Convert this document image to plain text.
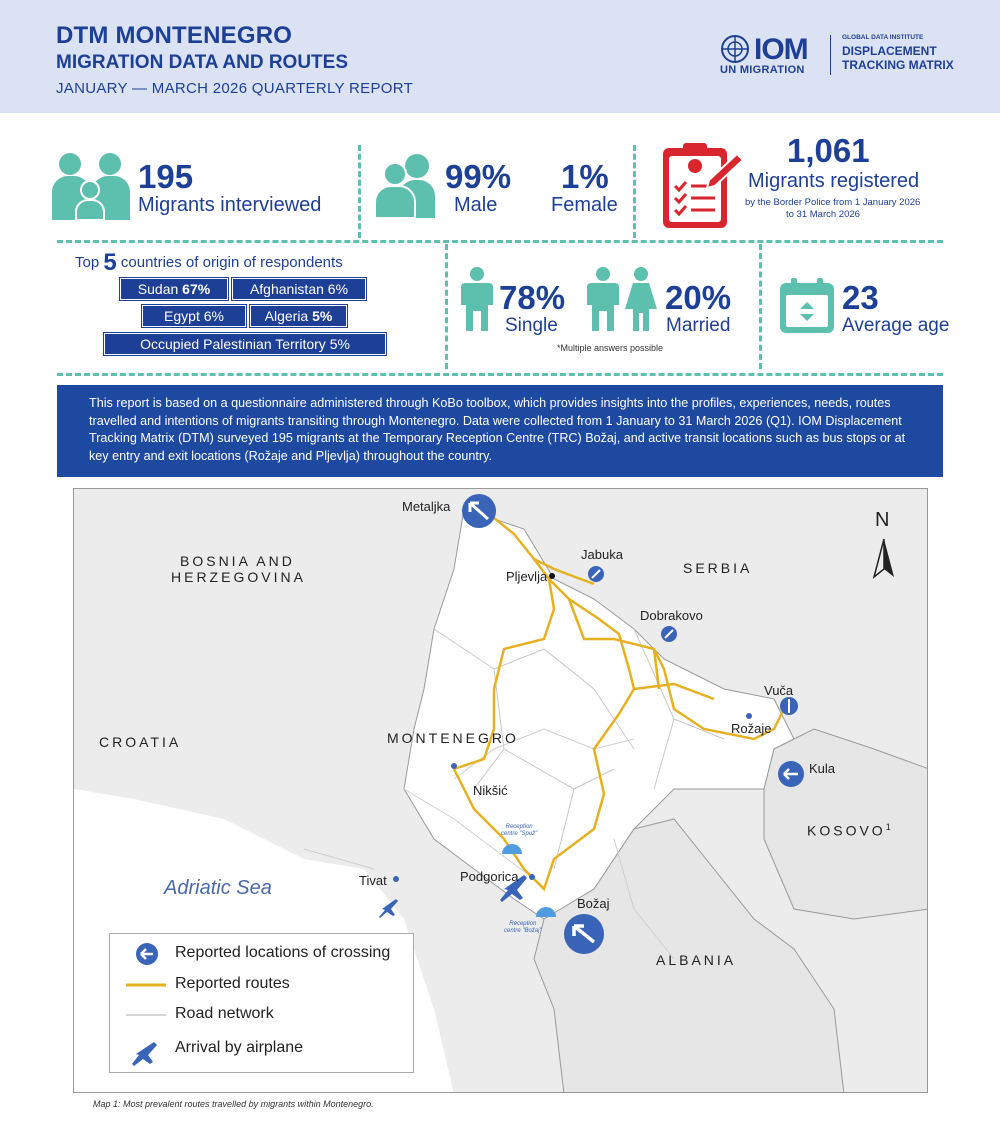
DTM MONTENEGRO
MIGRATION DATA AND ROUTES
JANUARY — MARCH 2026 QUARTERLY REPORT
IOM
UN MIGRATION
GLOBAL DATA INSTITUTE
DISPLACEMENT
TRACKING MATRIX
195
Migrants interviewed
99%
Male
1%
Female
1,061
Migrants registered
by the Border Police from 1 January 2026
to 31 March 2026
Top 5 countries of origin of respondents
Sudan 67%	Afghanistan 6%
Egypt 6%	Algeria 5%
Occupied Palestinian Territory 5%
78%
Single
20%
Married
*Multiple answers possible
23
Average age
This report is based on a questionnaire administered through KoBo toolbox, which provides insights into the profiles, experiences, needs, routes travelled and intentions of migrants transiting through Montenegro. Data were collected from 1 January to 31 March 2026 (Q1). IOM Displacement Tracking Matrix (DTM) surveyed 195 migrants at the Temporary Reception Centre (TRC) Božaj, and active transit locations such as bus stops or at key entry and exit locations (Rožaje and Pljevlja) throughout the country.
N
BOSNIA AND
HERZEGOVINA
SERBIA
CROATIA	MONTENEGRO
KOSOVO$^1$
ALBANIA
Adriatic Sea
Metaljka
Jabuka
Pljevlja
Dobrakovo
Vuča
Rožaje
Kula
Nikšić
Tivat	Podgorica
Božaj
Reception
centre "Spuž"
Reception
centre "Božaj"
Reported locations of crossing
Reported routes
Road network
Arrival by airplane
Map 1: Most prevalent routes travelled by migrants within Montenegro.
